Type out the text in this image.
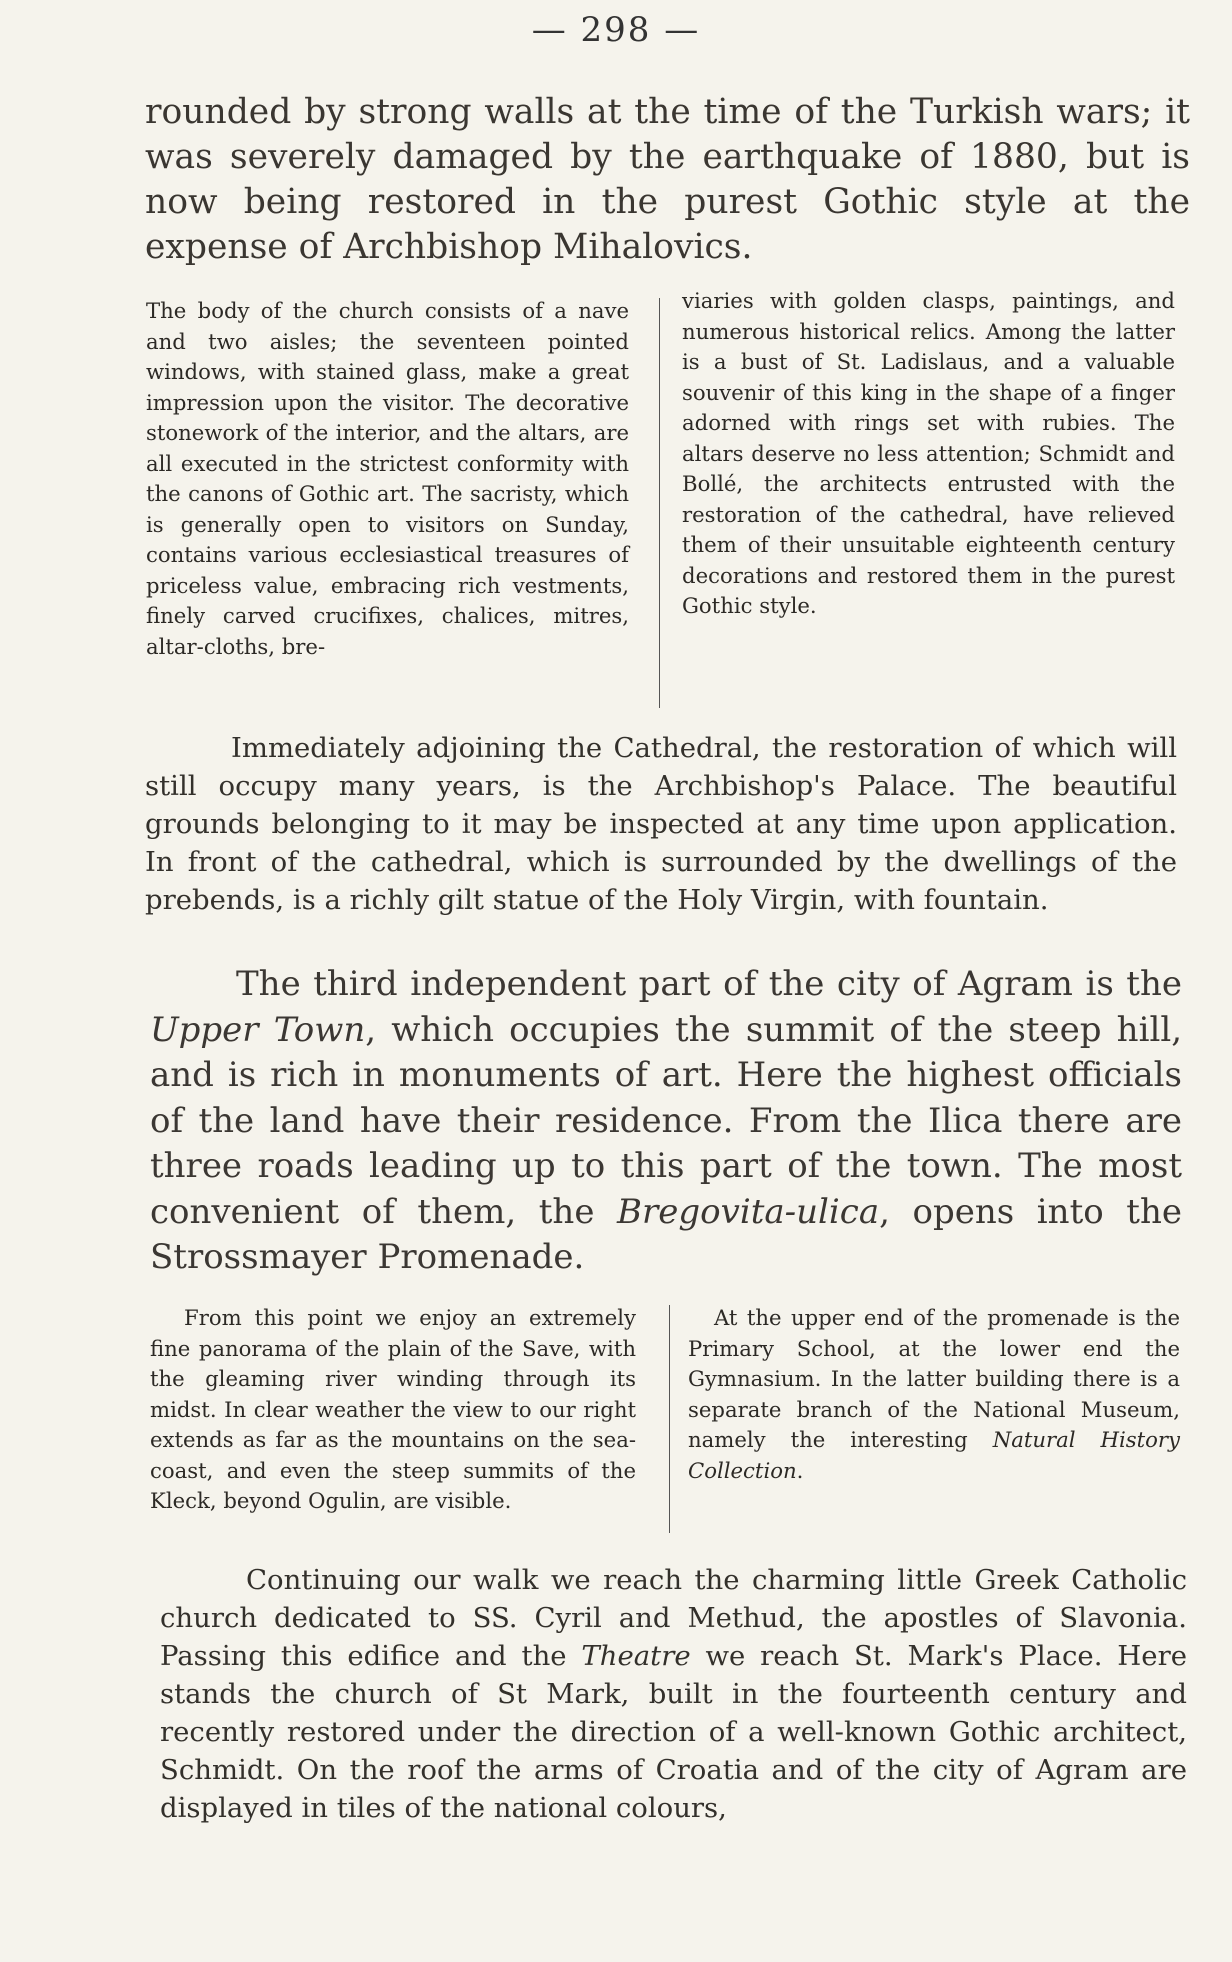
— 298 —
rounded by strong walls at the time of the Turkish wars; it was severely damaged by the earthquake of 1880, but is now being restored in the purest Gothic style at the expense of Archbishop Mihalovics.
The body of the church consists of a nave and two aisles; the seventeen pointed windows, with stained glass, make a great impression upon the visitor. The decorative stonework of the interior, and the altars, are all executed in the strictest conformity with the canons of Gothic art. The sacristy, which is generally open to visitors on Sunday, contains various ecclesiastical treasures of priceless value, embracing rich vestments, finely carved crucifixes, chalices, mitres, altar-cloths, bre-
viaries with golden clasps, paintings, and numerous historical relics. Among the latter is a bust of St. Ladislaus, and a valuable souvenir of this king in the shape of a finger adorned with rings set with rubies. The altars deserve no less attention; Schmidt and Bollé, the architects entrusted with the restoration of the cathedral, have relieved them of their unsuitable eighteenth century decorations and restored them in the purest Gothic style.
Immediately adjoining the Cathedral, the restoration of which will still occupy many years, is the Archbishop's Palace. The beautiful grounds belonging to it may be inspected at any time upon application. In front of the cathedral, which is surrounded by the dwellings of the prebends, is a richly gilt statue of the Holy Virgin, with fountain.
The third independent part of the city of Agram is the Upper Town, which occupies the summit of the steep hill, and is rich in monuments of art. Here the highest officials of the land have their residence. From the Ilica there are three roads leading up to this part of the town. The most convenient of them, the Bregovita-ulica, opens into the Strossmayer Promenade.
From this point we enjoy an extremely fine panorama of the plain of the Save, with the gleaming river winding through its midst. In clear weather the view to our right extends as far as the mountains on the sea-coast, and even the steep summits of the Kleck, beyond Ogulin, are visible.
At the upper end of the promenade is the Primary School, at the lower end the Gymnasium. In the latter building there is a separate branch of the National Museum, namely the interesting Natural History Collection.
Continuing our walk we reach the charming little Greek Catholic church dedicated to SS. Cyril and Methud, the apostles of Slavonia. Passing this edifice and the Theatre we reach St. Mark's Place. Here stands the church of St Mark, built in the fourteenth century and recently restored under the direction of a well-known Gothic architect, Schmidt. On the roof the arms of Croatia and of the city of Agram are displayed in tiles of the national colours,
